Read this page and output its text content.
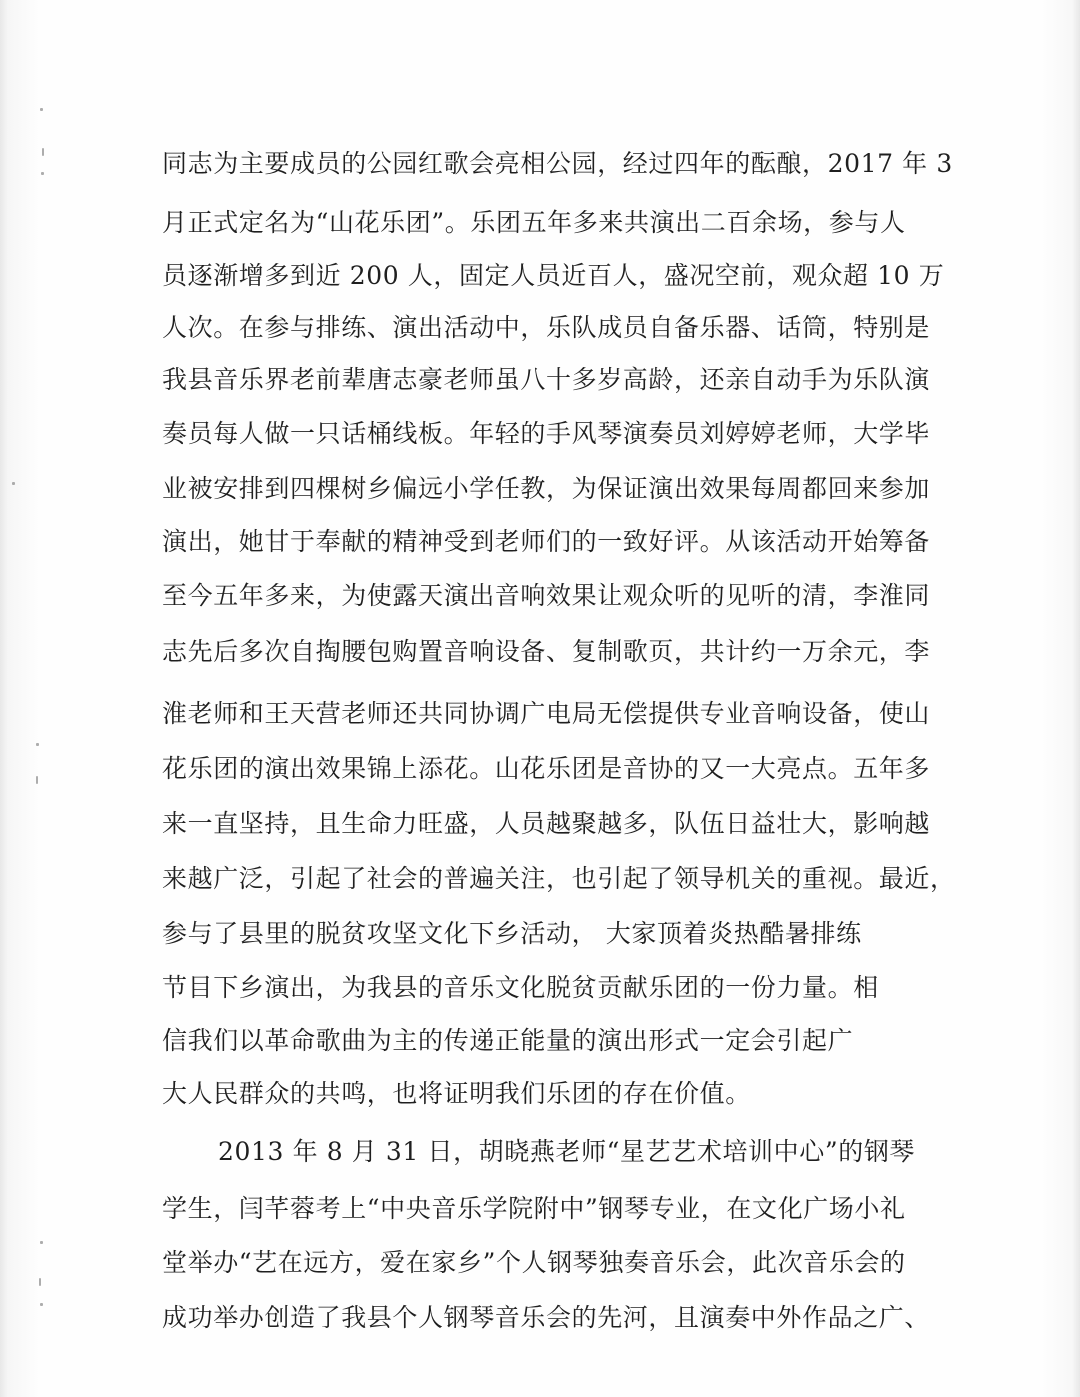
同志为主要成员的公园红歌会亮相公园，经过四年的酝酿，2017 年 3
月正式定名为“山花乐团”。乐团五年多来共演出二百余场，参与人
员逐渐增多到近 200 人，固定人员近百人，盛况空前，观众超 10 万
人次。在参与排练、演出活动中，乐队成员自备乐器、话筒，特别是
我县音乐界老前辈唐志豪老师虽八十多岁高龄，还亲自动手为乐队演
奏员每人做一只话桶线板。年轻的手风琴演奏员刘婷婷老师，大学毕
业被安排到四棵树乡偏远小学任教，为保证演出效果每周都回来参加
演出，她甘于奉献的精神受到老师们的一致好评。从该活动开始筹备
至今五年多来，为使露天演出音响效果让观众听的见听的清，李淮同
志先后多次自掏腰包购置音响设备、复制歌页，共计约一万余元，李
淮老师和王天营老师还共同协调广电局无偿提供专业音响设备，使山
花乐团的演出效果锦上添花。山花乐团是音协的又一大亮点。五年多
来一直坚持，且生命力旺盛，人员越聚越多，队伍日益壮大，影响越
来越广泛，引起了社会的普遍关注，也引起了领导机关的重视。最近，
参与了县里的脱贫攻坚文化下乡活动， 大家顶着炎热酷暑排练
节目下乡演出，为我县的音乐文化脱贫贡献乐团的一份力量。相
信我们以革命歌曲为主的传递正能量的演出形式一定会引起广
大人民群众的共鸣，也将证明我们乐团的存在价值。
2013 年 8 月 31 日，胡晓燕老师“星艺艺术培训中心”的钢琴
学生，闫芊蓉考上“中央音乐学院附中”钢琴专业，在文化广场小礼
堂举办“艺在远方，爱在家乡”个人钢琴独奏音乐会，此次音乐会的
成功举办创造了我县个人钢琴音乐会的先河，且演奏中外作品之广、
